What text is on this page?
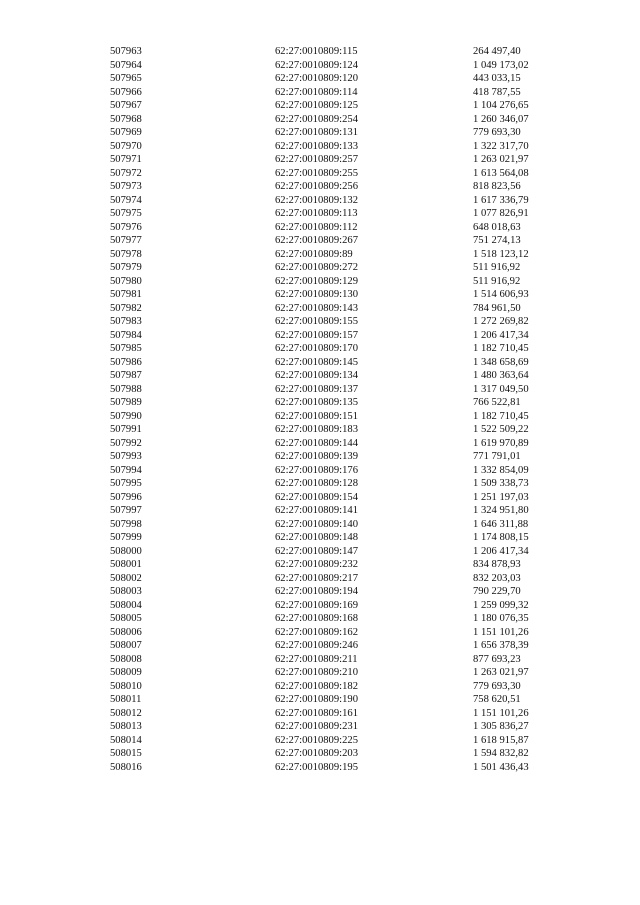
507963	62:27:0010809:115	264 497,40
507964	62:27:0010809:124	1 049 173,02
507965	62:27:0010809:120	443 033,15
507966	62:27:0010809:114	418 787,55
507967	62:27:0010809:125	1 104 276,65
507968	62:27:0010809:254	1 260 346,07
507969	62:27:0010809:131	779 693,30
507970	62:27:0010809:133	1 322 317,70
507971	62:27:0010809:257	1 263 021,97
507972	62:27:0010809:255	1 613 564,08
507973	62:27:0010809:256	818 823,56
507974	62:27:0010809:132	1 617 336,79
507975	62:27:0010809:113	1 077 826,91
507976	62:27:0010809:112	648 018,63
507977	62:27:0010809:267	751 274,13
507978	62:27:0010809:89	1 518 123,12
507979	62:27:0010809:272	511 916,92
507980	62:27:0010809:129	511 916,92
507981	62:27:0010809:130	1 514 606,93
507982	62:27:0010809:143	784 961,50
507983	62:27:0010809:155	1 272 269,82
507984	62:27:0010809:157	1 206 417,34
507985	62:27:0010809:170	1 182 710,45
507986	62:27:0010809:145	1 348 658,69
507987	62:27:0010809:134	1 480 363,64
507988	62:27:0010809:137	1 317 049,50
507989	62:27:0010809:135	766 522,81
507990	62:27:0010809:151	1 182 710,45
507991	62:27:0010809:183	1 522 509,22
507992	62:27:0010809:144	1 619 970,89
507993	62:27:0010809:139	771 791,01
507994	62:27:0010809:176	1 332 854,09
507995	62:27:0010809:128	1 509 338,73
507996	62:27:0010809:154	1 251 197,03
507997	62:27:0010809:141	1 324 951,80
507998	62:27:0010809:140	1 646 311,88
507999	62:27:0010809:148	1 174 808,15
508000	62:27:0010809:147	1 206 417,34
508001	62:27:0010809:232	834 878,93
508002	62:27:0010809:217	832 203,03
508003	62:27:0010809:194	790 229,70
508004	62:27:0010809:169	1 259 099,32
508005	62:27:0010809:168	1 180 076,35
508006	62:27:0010809:162	1 151 101,26
508007	62:27:0010809:246	1 656 378,39
508008	62:27:0010809:211	877 693,23
508009	62:27:0010809:210	1 263 021,97
508010	62:27:0010809:182	779 693,30
508011	62:27:0010809:190	758 620,51
508012	62:27:0010809:161	1 151 101,26
508013	62:27:0010809:231	1 305 836,27
508014	62:27:0010809:225	1 618 915,87
508015	62:27:0010809:203	1 594 832,82
508016	62:27:0010809:195	1 501 436,43
